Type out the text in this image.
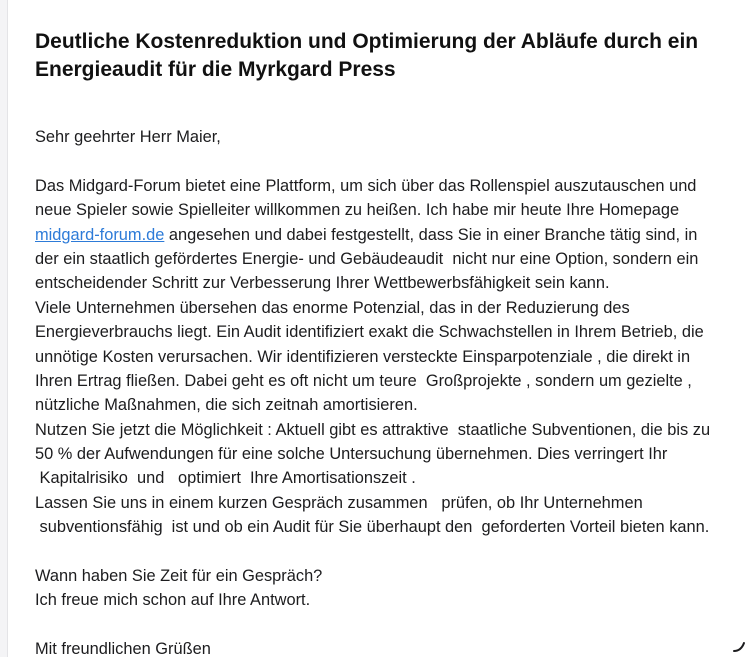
Deutliche Kostenreduktion und Optimierung der Abläufe durch ein
Energieaudit für die Myrkgard Press
Sehr geehrter Herr Maier,
Das Midgard-Forum bietet eine Plattform, um sich über das Rollenspiel auszutauschen und
neue Spieler sowie Spielleiter willkommen zu heißen. Ich habe mir heute Ihre Homepage
midgard-forum.de angesehen und dabei festgestellt, dass Sie in einer Branche tätig sind, in
der ein staatlich gefördertes Energie- und Gebäudeaudit  nicht nur eine Option, sondern ein
entscheidender Schritt zur Verbesserung Ihrer Wettbewerbsfähigkeit sein kann.
Viele Unternehmen übersehen das enorme Potenzial, das in der Reduzierung des
Energieverbrauchs liegt. Ein Audit identifiziert exakt die Schwachstellen in Ihrem Betrieb, die
unnötige Kosten verursachen. Wir identifizieren versteckte Einsparpotenziale , die direkt in
Ihren Ertrag fließen. Dabei geht es oft nicht um teure  Großprojekte , sondern um gezielte ,
nützliche Maßnahmen, die sich zeitnah amortisieren.
Nutzen Sie jetzt die Möglichkeit : Aktuell gibt es attraktive  staatliche Subventionen, die bis zu
50 % der Aufwendungen für eine solche Untersuchung übernehmen. Dies verringert Ihr
Kapitalrisiko  und   optimiert  Ihre Amortisationszeit .
Lassen Sie uns in einem kurzen Gespräch zusammen   prüfen, ob Ihr Unternehmen
subventionsfähig  ist und ob ein Audit für Sie überhaupt den  geforderten Vorteil bieten kann.
Wann haben Sie Zeit für ein Gespräch?
Ich freue mich schon auf Ihre Antwort.
Mit freundlichen Grüßen
